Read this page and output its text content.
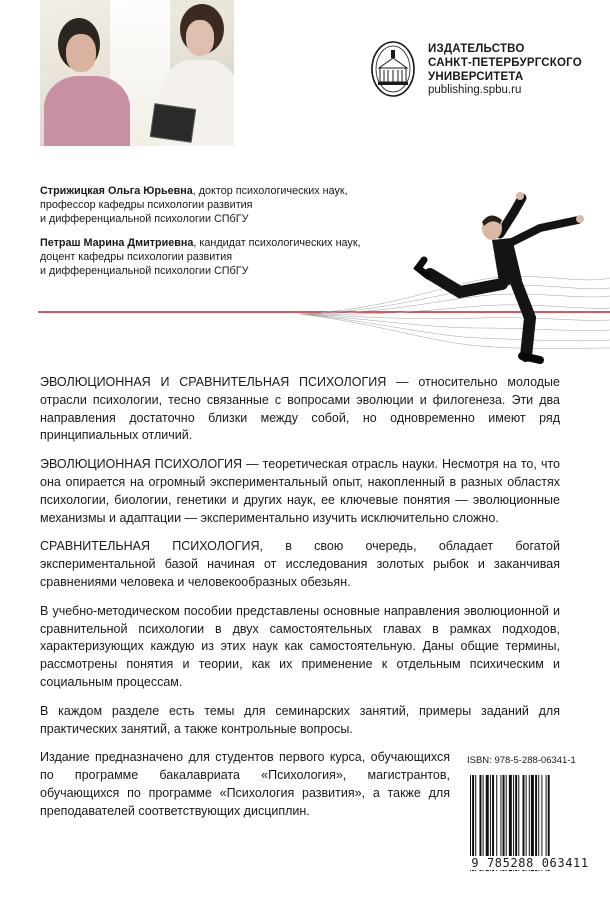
ИЗДАТЕЛЬСТВО
САНКТ-ПЕТЕРБУРГСКОГО
УНИВЕРСИТЕТА
publishing.spbu.ru
Стрижицкая Ольга Юрьевна, доктор психологических наук,
профессор кафедры психологии развития
и дифференциальной психологии СПбГУ
Петраш Марина Дмитриевна, кандидат психологических наук,
доцент кафедры психологии развития
и дифференциальной психологии СПбГУ

ЭВОЛЮЦИОННАЯ И СРАВНИТЕЛЬНАЯ ПСИХОЛОГИЯ — относительно молодые отрасли психологии, тесно связанные с вопросами эволюции и филогенеза. Эти два направления достаточно близки между собой, но одновременно имеют ряд принципиальных отличий.

ЭВОЛЮЦИОННАЯ ПСИХОЛОГИЯ — теоретическая отрасль науки. Несмотря на то, что она опирается на огромный экспериментальный опыт, накопленный в разных областях психологии, биологии, генетики и других наук, ее ключевые понятия — эволюционные механизмы и адаптации — экспериментально изучить исключительно сложно.

СРАВНИТЕЛЬНАЯ ПСИХОЛОГИЯ, в свою очередь, обладает богатой экспериментальной базой начиная от исследования золотых рыбок и заканчивая сравнениями человека и человекообразных обезьян.

В учебно-методическом пособии представлены основные направления эволюционной и сравнительной психологии в двух самостоятельных главах в рамках подходов, характеризующих каждую из этих наук как самостоятельную. Даны общие термины, рассмотрены понятия и теории, как их применение к отдельным психическим и социальным процессам.

В каждом разделе есть темы для семинарских занятий, примеры заданий для практических занятий, а также контрольные вопросы.

Издание предназначено для студентов первого курса, обучающихся по программе бакалавриата «Психология», магистрантов, обучающихся по программе «Психология развития», а также для преподавателей соответствующих дисциплин.

ISBN: 978-5-288-06341-1
9 785288 063411
